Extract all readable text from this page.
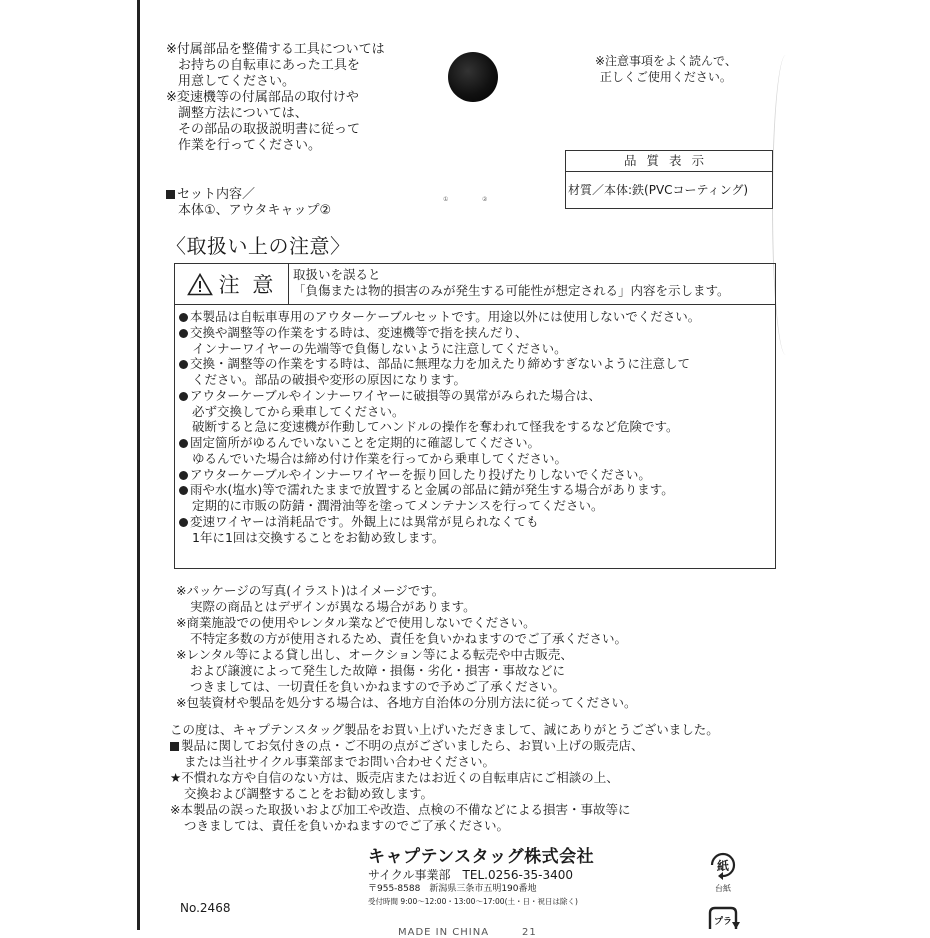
※付属部品を整備する工具については
お持ちの自転車にあった工具を
用意してください。
※変速機等の付属部品の取付けや
調整方法については、
その部品の取扱説明書に従って
作業を行ってください。
※注意事項をよく読んで、
正しくご使用ください。
品質表示
材質／本体:鉄(PVCコーティング)
セット内容／
本体①、アウタキャップ②
①	②
〈取扱い上の注意〉
注 意 取扱いを誤ると
「負傷または物的損害のみが発生する可能性が想定される」内容を示します。
本製品は自転車専用のアウターケーブルセットです。用途以外には使用しないでください。
交換や調整等の作業をする時は、変速機等で指を挟んだり、
インナーワイヤーの先端等で負傷しないように注意してください。
交換・調整等の作業をする時は、部品に無理な力を加えたり締めすぎないように注意して
ください。部品の破損や変形の原因になります。
アウターケーブルやインナーワイヤーに破損等の異常がみられた場合は、
必ず交換してから乗車してください。
破断すると急に変速機が作動してハンドルの操作を奪われて怪我をするなど危険です。
固定箇所がゆるんでいないことを定期的に確認してください。
ゆるんでいた場合は締め付け作業を行ってから乗車してください。
アウターケーブルやインナーワイヤーを振り回したり投げたりしないでください。
雨や水(塩水)等で濡れたままで放置すると金属の部品に錆が発生する場合があります。
定期的に市販の防錆・潤滑油等を塗ってメンテナンスを行ってください。
変速ワイヤーは消耗品です。外観上には異常が見られなくても
1年に1回は交換することをお勧め致します。
※パッケージの写真(イラスト)はイメージです。
実際の商品とはデザインが異なる場合があります。
※商業施設での使用やレンタル業などで使用しないでください。
不特定多数の方が使用されるため、責任を負いかねますのでご了承ください。
※レンタル等による貸し出し、オークション等による転売や中古販売、
および譲渡によって発生した故障・損傷・劣化・損害・事故などに
つきましては、一切責任を負いかねますので予めご了承ください。
※包装資材や製品を処分する場合は、各地方自治体の分別方法に従ってください。
この度は、キャプテンスタッグ製品をお買い上げいただきまして、誠にありがとうございました。
製品に関してお気付きの点・ご不明の点がございましたら、お買い上げの販売店、
または当社サイクル事業部までお問い合わせください。
★不慣れな方や自信のない方は、販売店またはお近くの自転車店にご相談の上、
交換および調整することをお勧め致します。
※本製品の誤った取扱いおよび加工や改造、点検の不備などによる損害・事故等に
つきましては、責任を負いかねますのでご了承ください。
キャプテンスタッグ株式会社
サイクル事業部　TEL.0256-35-3400
〒955-8588　新潟県三条市五明190番地
受付時間 9:00〜12:00・13:00〜17:00(土・日・祝日は除く)
MADE IN CHINA　　　21
No.2468
紙
台紙
プラ
